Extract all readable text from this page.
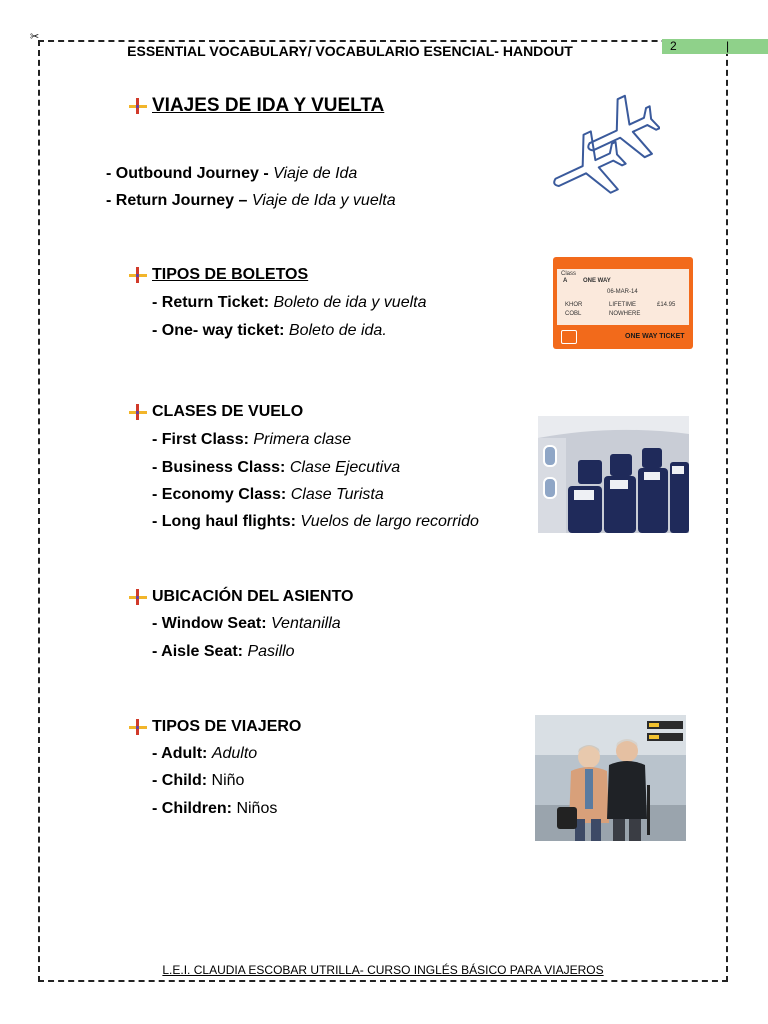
✂
ESSENTIAL VOCABULARY/ VOCABULARIO ESENCIAL- HANDOUT	2	|
VIAJES DE IDA Y VUELTA
- Outbound Journey - Viaje de Ida
- Return Journey – Viaje de Ida y vuelta
TIPOS DE BOLETOS
- Return Ticket: Boleto de ida y vuelta
- One- way ticket: Boleto de ida.
Class
A	ONE WAY
06-MAR-14
KHOR
COBL
LIFETIME
NOWHERE
£14.95
ONE WAY TICKET
CLASES DE VUELO
- First Class: Primera clase
- Business Class: Clase Ejecutiva
- Economy Class: Clase Turista
- Long haul flights: Vuelos de largo recorrido
UBICACIÓN DEL ASIENTO
- Window Seat: Ventanilla
- Aisle Seat: Pasillo
TIPOS DE VIAJERO
- Adult: Adulto
- Child: Niño
- Children: Niños
L.E.I. CLAUDIA ESCOBAR UTRILLA- CURSO INGLÉS BÁSICO PARA VIAJEROS
